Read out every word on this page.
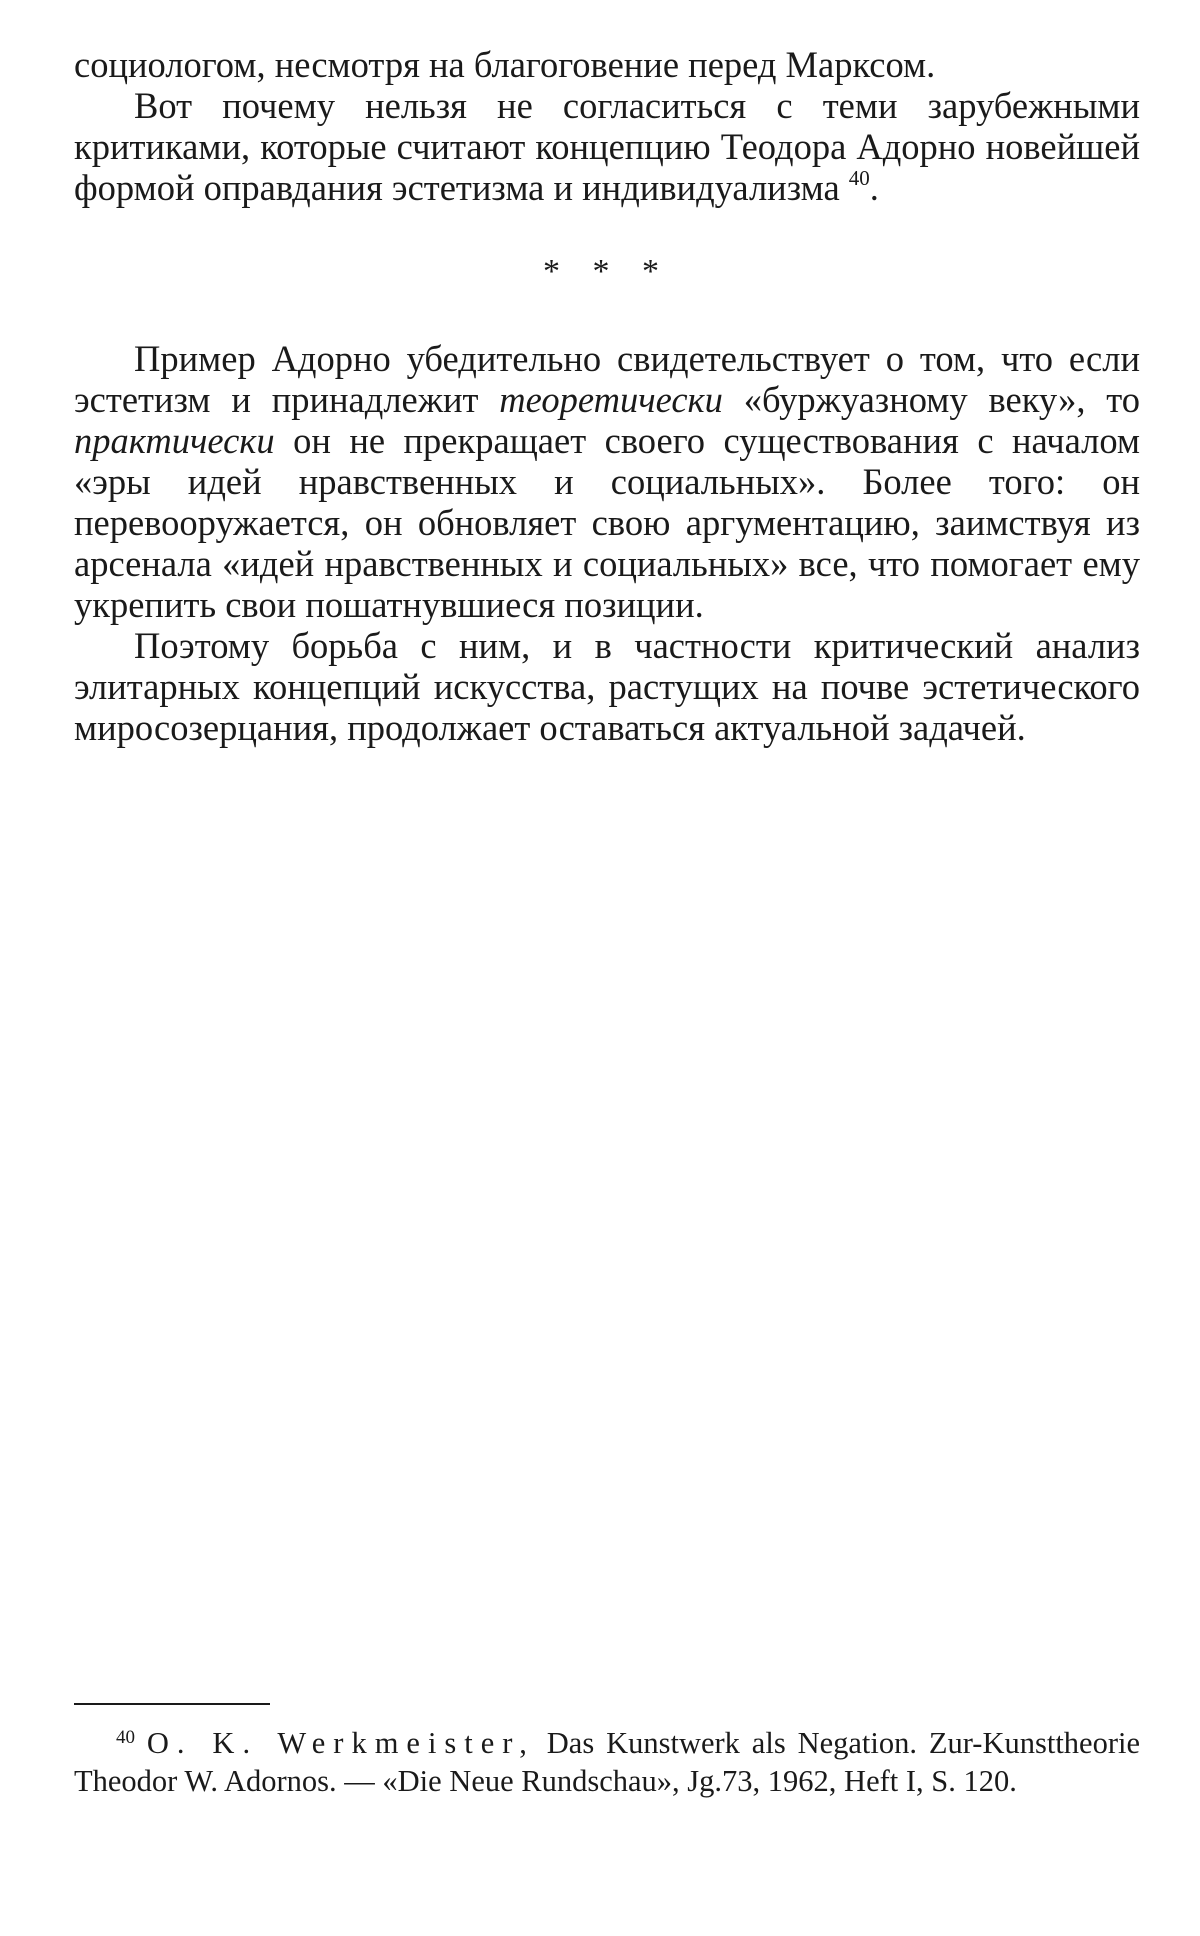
социологом, несмотря на благоговение перед Марксом.

Вот почему нельзя не согласиться с теми зарубежными критиками, которые считают концепцию Теодора Адорно новейшей формой оправдания эстетизма и индивидуализма $^{40}$.

* * *

Пример Адорно убедительно свидетельствует о том, что если эстетизм и принадлежит теоретически «буржуазному веку», то практически он не прекращает своего существования с началом «эры идей нравственных и социальных». Более того: он перевооружается, он обновляет свою аргументацию, заимствуя из арсенала «идей нравственных и социальных» все, что помогает ему укрепить свои пошатнувшиеся позиции.

Поэтому борьба с ним, и в частности критический анализ элитарных концепций искусства, растущих на почве эстетического миросозерцания, продолжает оставаться актуальной задачей.

$^{40}$ O. K. Werkmeister, Das Kunstwerk als Negation. Zur-Kunsttheorie Theodor W. Adornos. — «Die Neue Rundschau», Jg.73, 1962, Heft I, S. 120.
